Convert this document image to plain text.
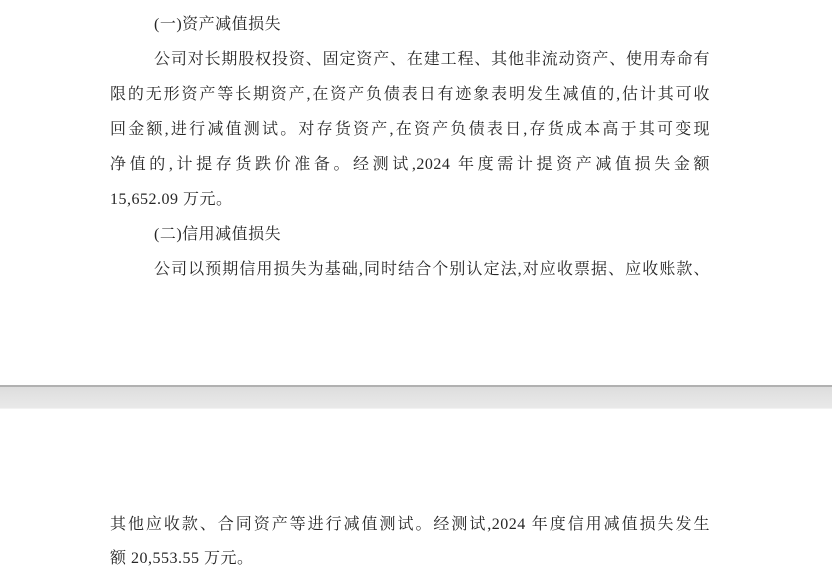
(一)资产减值损失
公司对长期股权投资、固定资产、在建工程、其他非流动资产、使用寿命有
限的无形资产等长期资产,在资产负债表日有迹象表明发生减值的,估计其可收
回金额,进行减值测试。对存货资产,在资产负债表日,存货成本高于其可变现
净值的,计提存货跌价准备。经测试,2024 年度需计提资产减值损失金额
15,652.09 万元。
(二)信用减值损失
公司以预期信用损失为基础,同时结合个别认定法,对应收票据、应收账款、
其他应收款、合同资产等进行减值测试。经测试,2024 年度信用减值损失发生
额 20,553.55 万元。
